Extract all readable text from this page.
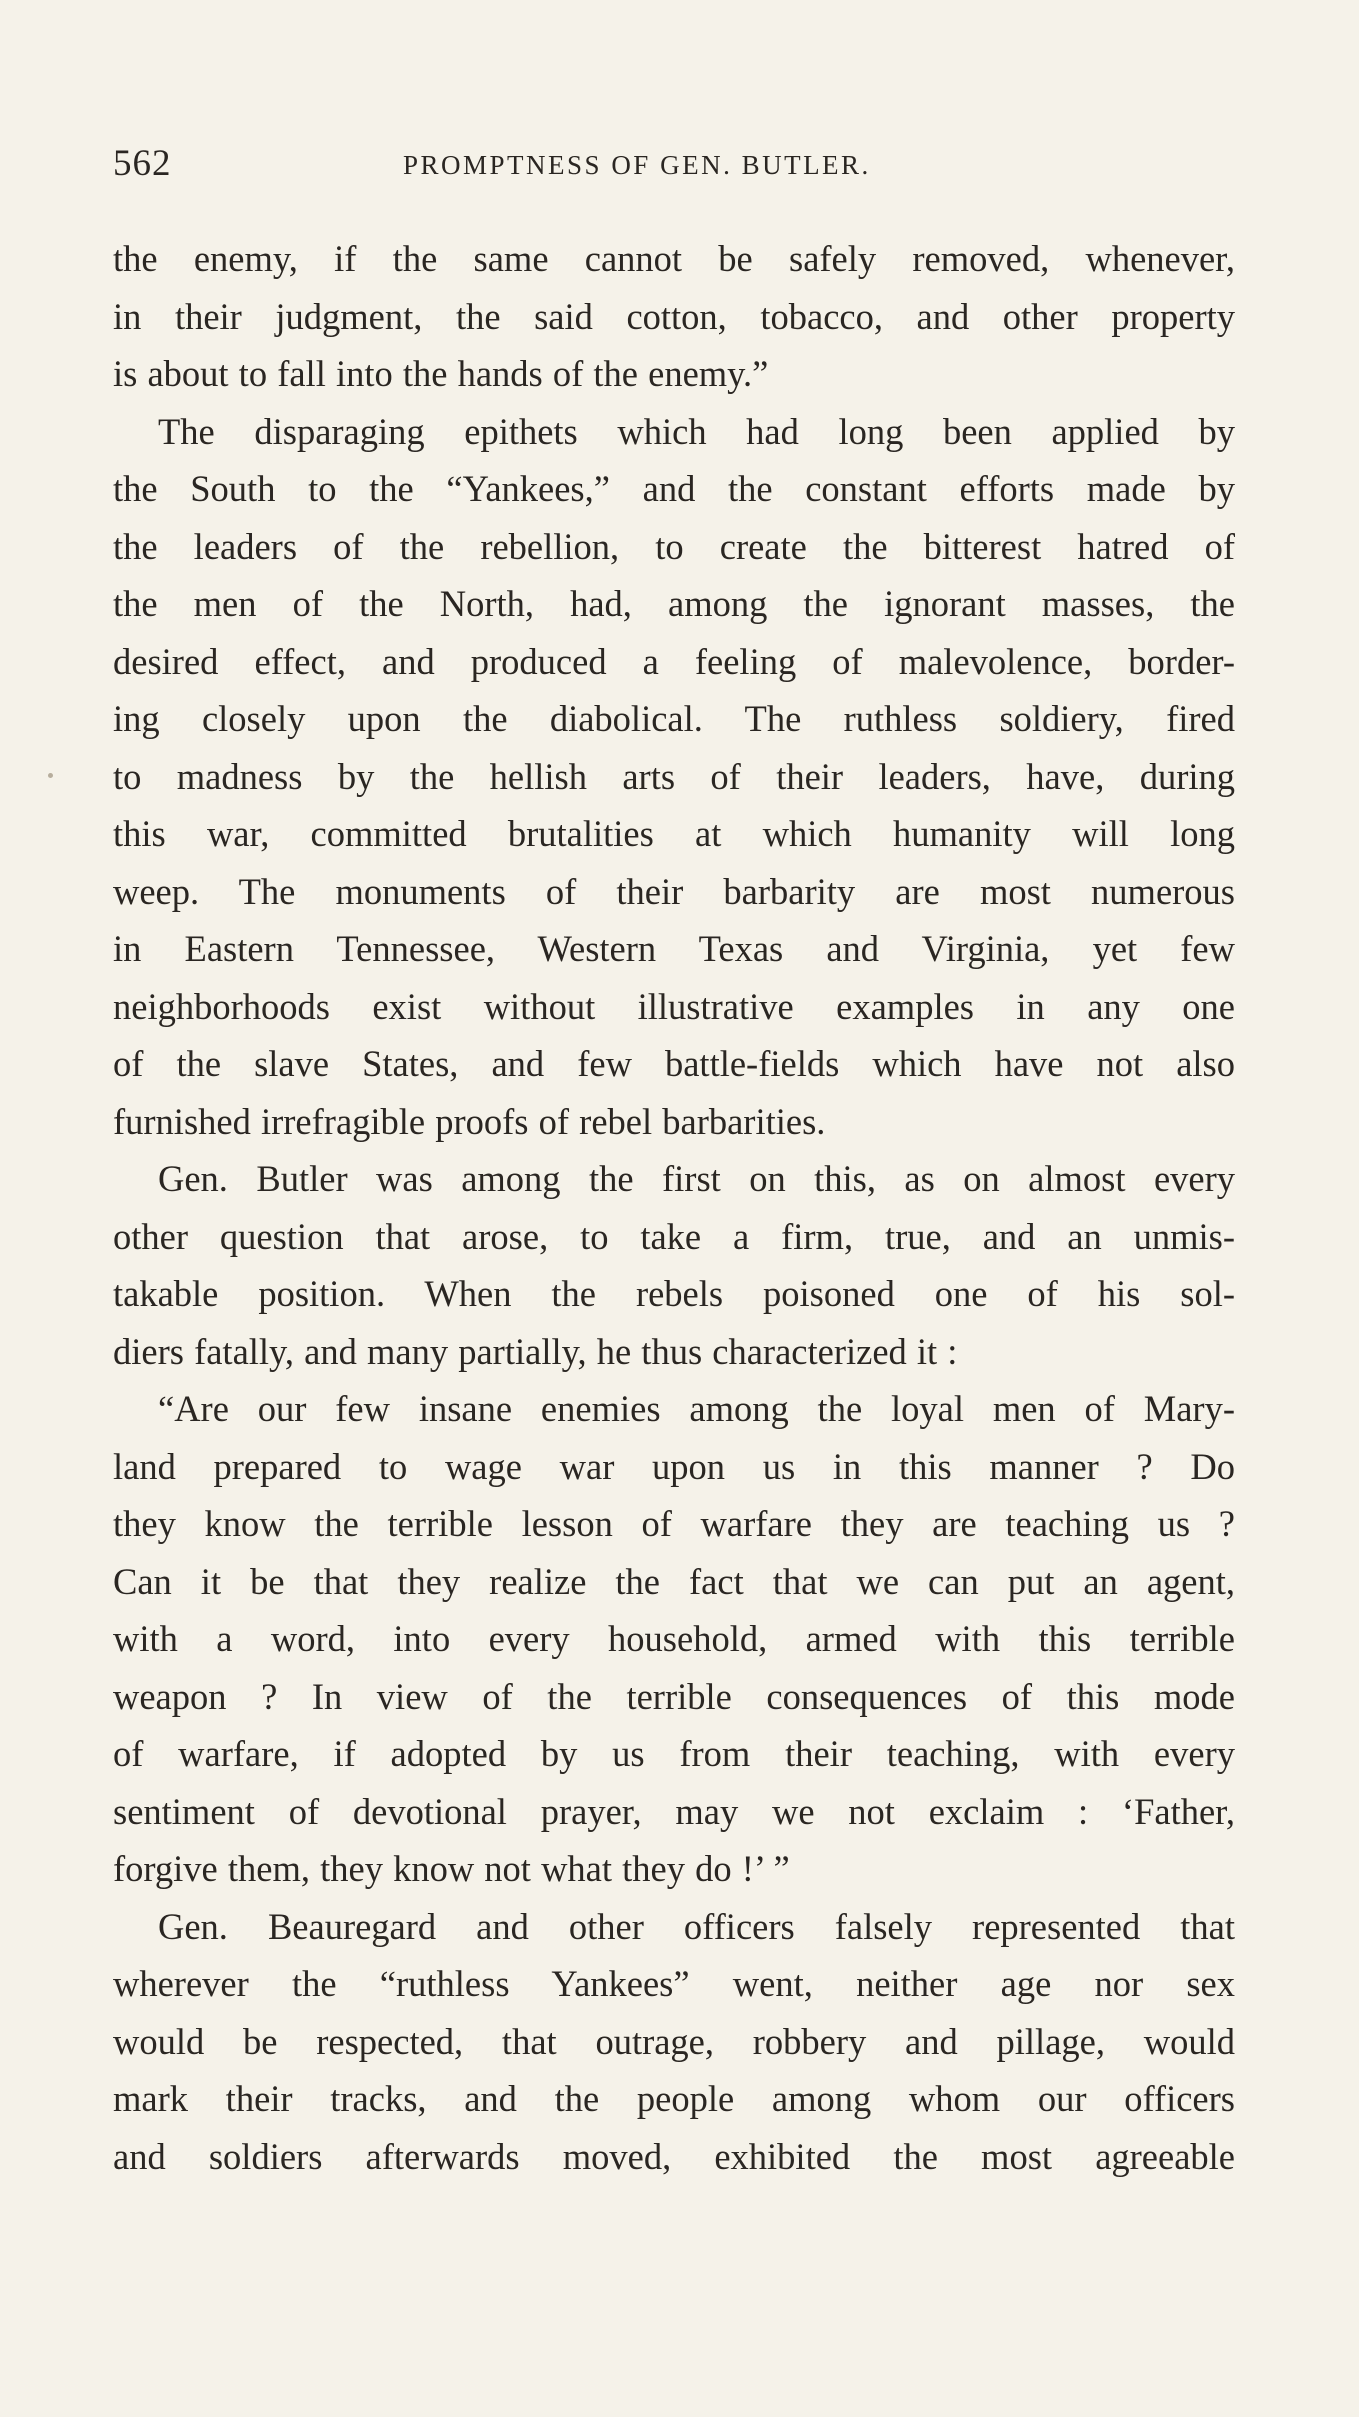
562	PROMPTNESS OF GEN. BUTLER.
the enemy, if the same cannot be safely removed, whenever,
in their judgment, the said cotton, tobacco, and other property
is about to fall into the hands of the enemy.”
The disparaging epithets which had long been applied by
the South to the “Yankees,” and the constant efforts made by
the leaders of the rebellion, to create the bitterest hatred of
the men of the North, had, among the ignorant masses, the
desired effect, and produced a feeling of malevolence, border-
ing closely upon the diabolical. The ruthless soldiery, fired
to madness by the hellish arts of their leaders, have, during
this war, committed brutalities at which humanity will long
weep. The monuments of their barbarity are most numerous
in Eastern Tennessee, Western Texas and Virginia, yet few
neighborhoods exist without illustrative examples in any one
of the slave States, and few battle-fields which have not also
furnished irrefragible proofs of rebel barbarities.
Gen. Butler was among the first on this, as on almost every
other question that arose, to take a firm, true, and an unmis-
takable position. When the rebels poisoned one of his sol-
diers fatally, and many partially, he thus characterized it :
“Are our few insane enemies among the loyal men of Mary-
land prepared to wage war upon us in this manner ? Do
they know the terrible lesson of warfare they are teaching us ?
Can it be that they realize the fact that we can put an agent,
with a word, into every household, armed with this terrible
weapon ? In view of the terrible consequences of this mode
of warfare, if adopted by us from their teaching, with every
sentiment of devotional prayer, may we not exclaim : ‘Father,
forgive them, they know not what they do !’ ”
Gen. Beauregard and other officers falsely represented that
wherever the “ruthless Yankees” went, neither age nor sex
would be respected, that outrage, robbery and pillage, would
mark their tracks, and the people among whom our officers
and soldiers afterwards moved, exhibited the most agreeable
